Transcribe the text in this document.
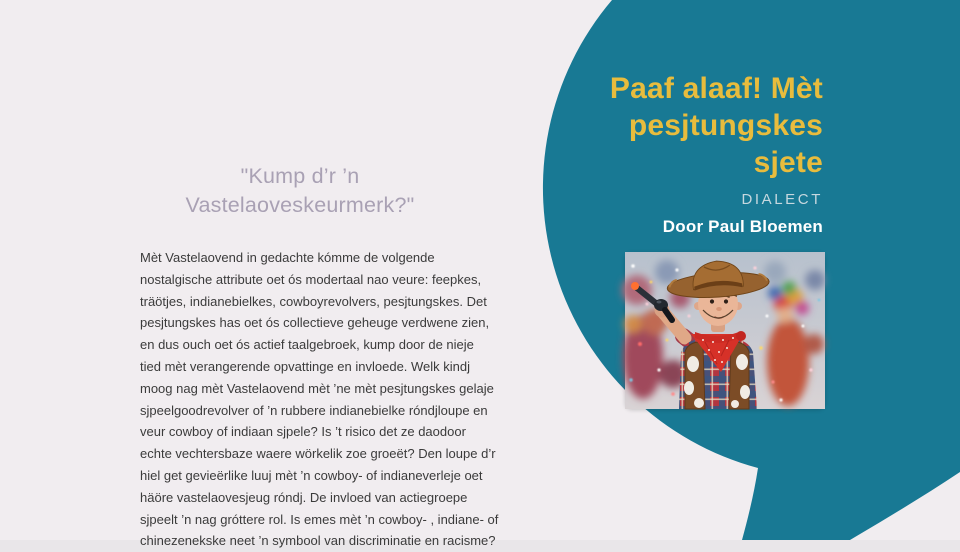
"Kump d’r ’n
Vastelaoveskeurmerk?"
Mèt Vastelaovend in gedachte kómme de volgende
nostalgische attribute oet ós modertaal nao veure: feepkes,
träötjes, indianebielkes, cowboyrevolvers, pesjtungskes. Det
pesjtungskes has oet ós collectieve geheuge verdwene zien,
en dus ouch oet ós actief taalgebroek, kump door de nieje
tied mèt verangerende opvattinge en invloede. Welk kindj
moog nag mèt Vastelaovend mèt ’ne mèt pesjtungskes gelaje
sjpeelgoodrevolver of ’n rubbere indianebielke róndjloupe en
veur cowboy of indiaan sjpele? Is ’t risico det ze daodoor
echte vechtersbaze waere wörkelik zoe groeët? Den loupe d’r
hiel get gevieërlike luuj mèt ’n cowboy- of indianeverleje oet
häöre vastelaovesjeug róndj. De invloed van actiegroepe
sjpeelt ’n nag gróttere rol. Is emes mèt ’n cowboy- , indiane- of
chinezenekske neet ’n symbool van discriminatie en racisme?
Paaf alaaf! Mèt
pesjtungskes
sjete
DIALECT
Door Paul Bloemen
